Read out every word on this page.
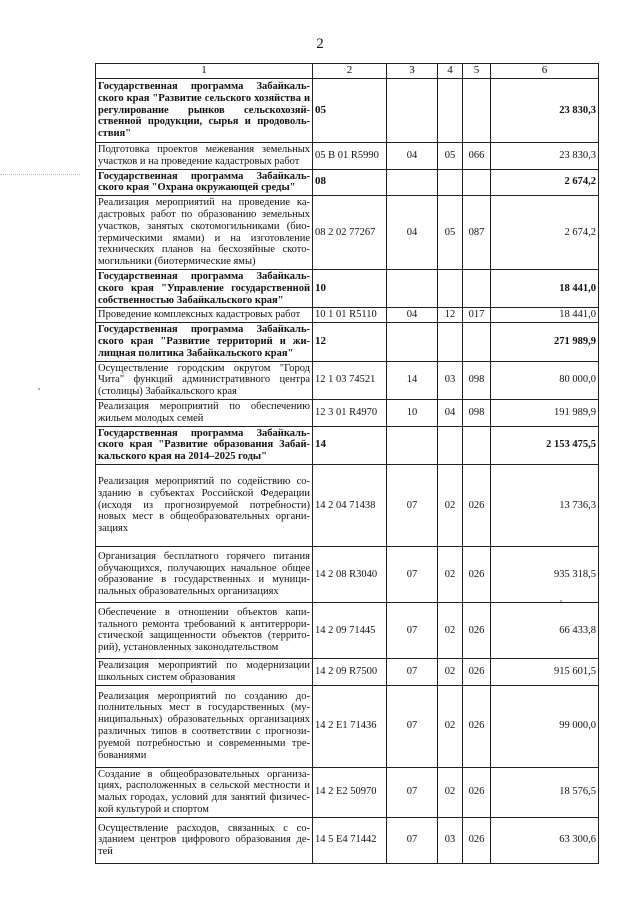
2
1	2	3	4	5	6
Государственная программа Забайкаль-ского края "Развитие сельского хозяйства и регулирование рынков сельскохозяй-ственной продукции, сырья и продоволь-ствия"	05				23 830,3
Подготовка проектов межевания земельных участков и на проведение кадастровых работ	05 В 01 R5990	04	05	066	23 830,3
Государственная программа Забайкаль-ского края "Охрана окружающей среды"	08				2 674,2
Реализация мероприятий на проведение ка-дастровых работ по образованию земельных участков, занятых скотомогильниками (био-термическими ямами) и на изготовление технических планов на бесхозяйные ското-могильники (биотермические ямы)	08 2 02 77267	04	05	087	2 674,2
Государственная программа Забайкаль-ского края "Управление государственной собственностью Забайкальского края"	10				18 441,0
Проведение комплексных кадастровых работ	10 1 01 R5110	04	12	017	18 441,0
Государственная программа Забайкаль-ского края "Развитие территорий и жи-лищная политика Забайкальского края"	12				271 989,9
Осуществление городским округом "Город Чита" функций административного центра (столицы) Забайкальского края	12 1 03 74521	14	03	098	80 000,0
Реализация мероприятий по обеспечению жильем молодых семей	12 3 01 R4970	10	04	098	191 989,9
Государственная программа Забайкаль-ского края "Развитие образования Забай-кальского края на 2014–2025 годы"	14				2 153 475,5
Реализация мероприятий по содействию со-зданию в субъектах Российской Федерации (исходя из прогнозируемой потребности) новых мест в общеобразовательных органи-зациях	14 2 04 71438	07	02	026	13 736,3
Организация бесплатного горячего питания обучающихся, получающих начальное общее образование в государственных и муници-пальных образовательных организациях	14 2 08 R3040	07	02	026	935 318,5
Обеспечение в отношении объектов капи-тального ремонта требований к антитеррори-стической защищенности объектов (террито-рий), установленных законодательством	14 2 09 71445	07	02	026	66 433,8
Реализация мероприятий по модернизации школьных систем образования	14 2 09 R7500	07	02	026	915 601,5
Реализация мероприятий по созданию до-полнительных мест в государственных (му-ниципальных) образовательных организациях различных типов в соответствии с прогнози-руемой потребностью и современными тре-бованиями	14 2 E1 71436	07	02	026	99 000,0
Создание в общеобразовательных организа-циях, расположенных в сельской местности и малых городах, условий для занятий физичес-кой культурой и спортом	14 2 E2 50970	07	02	026	18 576,5
Осуществление расходов, связанных с со-зданием центров цифрового образования де-тей	14 5 E4 71442	07	03	026	63 300,6
